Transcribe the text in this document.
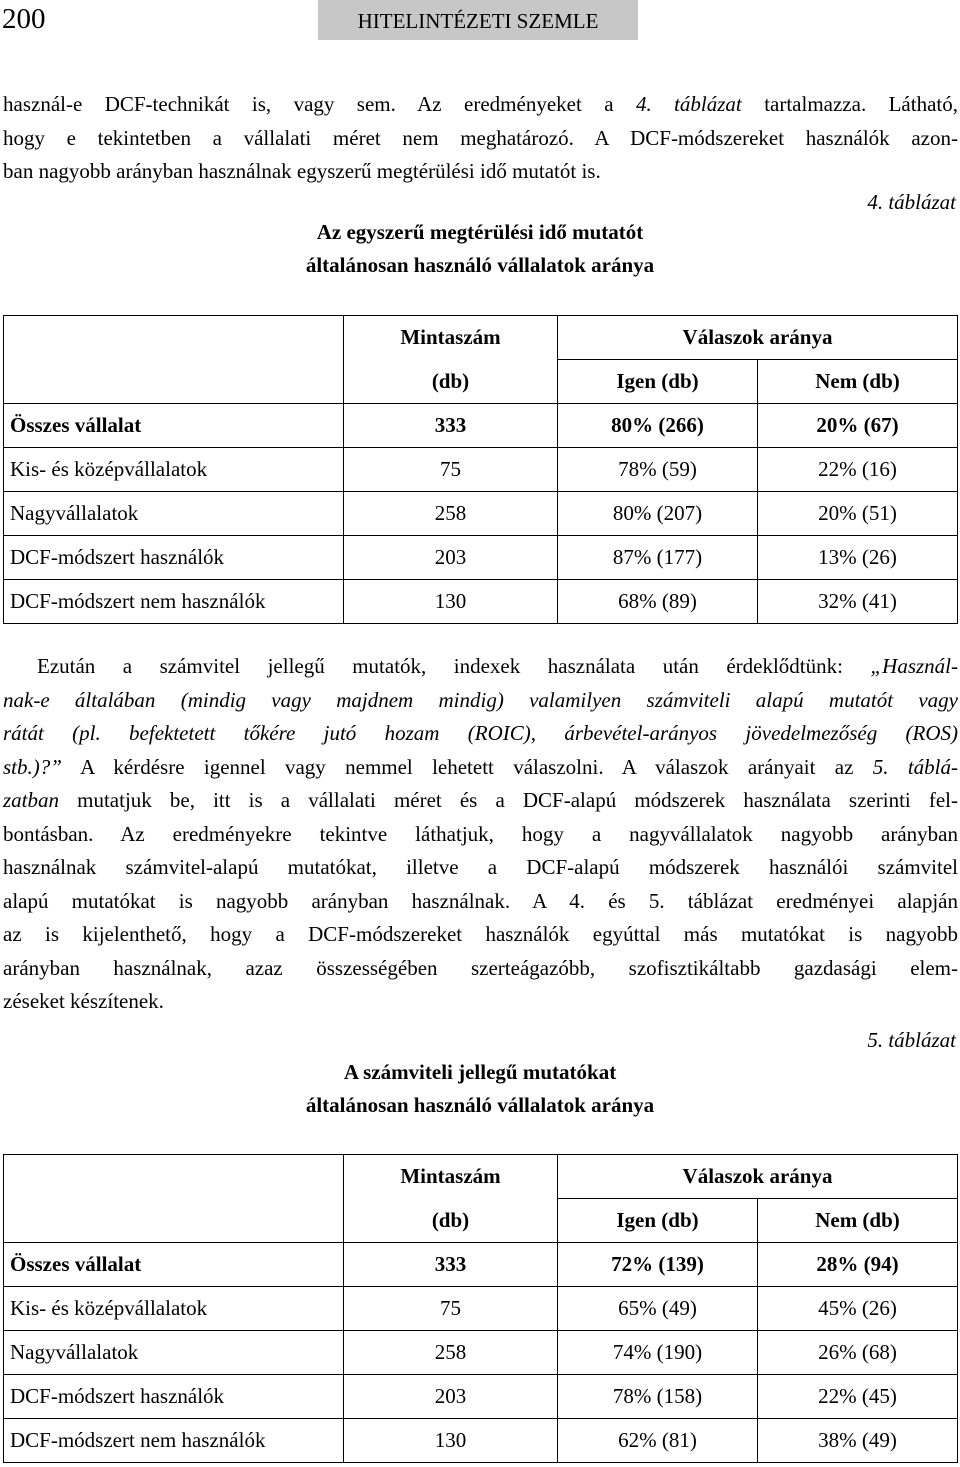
200	HITELINTÉZETI SZEMLE
használ-e DCF-technikát is, vagy sem. Az eredményeket a 4. táblázat tartalmazza. Látható,
hogy e tekintetben a vállalati méret nem meghatározó. A DCF-módszereket használók azon-
ban nagyobb arányban használnak egyszerű megtérülési idő mutatót is.
4. táblázat
Az egyszerű megtérülési idő mutatót
általánosan használó vállalatok aránya
	Mintaszám	Válaszok aránya	
	(db)	Igen (db)	Nem (db)
Összes vállalat	333	80% (266)	20% (67)
Kis- és középvállalatok	75	78% (59)	22% (16)
Nagyvállalatok	258	80% (207)	20% (51)
DCF-módszert használók	203	87% (177)	13% (26)
DCF-módszert nem használók	130	68% (89)	32% (41)
Ezután a számvitel jellegű mutatók, indexek használata után érdeklődtünk: „Használ-
nak-e általában (mindig vagy majdnem mindig) valamilyen számviteli alapú mutatót vagy
rátát (pl. befektetett tőkére jutó hozam (ROIC), árbevétel-arányos jövedelmezőség (ROS)
stb.)?” A kérdésre igennel vagy nemmel lehetett válaszolni. A válaszok arányait az 5. táblá-
zatban mutatjuk be, itt is a vállalati méret és a DCF-alapú módszerek használata szerinti fel-
bontásban. Az eredményekre tekintve láthatjuk, hogy a nagyvállalatok nagyobb arányban
használnak számvitel-alapú mutatókat, illetve a DCF-alapú módszerek használói számvitel
alapú mutatókat is nagyobb arányban használnak. A 4. és 5. táblázat eredményei alapján
az is kijelenthető, hogy a DCF-módszereket használók egyúttal más mutatókat is nagyobb
arányban használnak, azaz összességében szerteágazóbb, szofisztikáltabb gazdasági elem-
zéseket készítenek.
5. táblázat
A számviteli jellegű mutatókat
általánosan használó vállalatok aránya
	Mintaszám	Válaszok aránya	
	(db)	Igen (db)	Nem (db)
Összes vállalat	333	72% (139)	28% (94)
Kis- és középvállalatok	75	65% (49)	45% (26)
Nagyvállalatok	258	74% (190)	26% (68)
DCF-módszert használók	203	78% (158)	22% (45)
DCF-módszert nem használók	130	62% (81)	38% (49)
